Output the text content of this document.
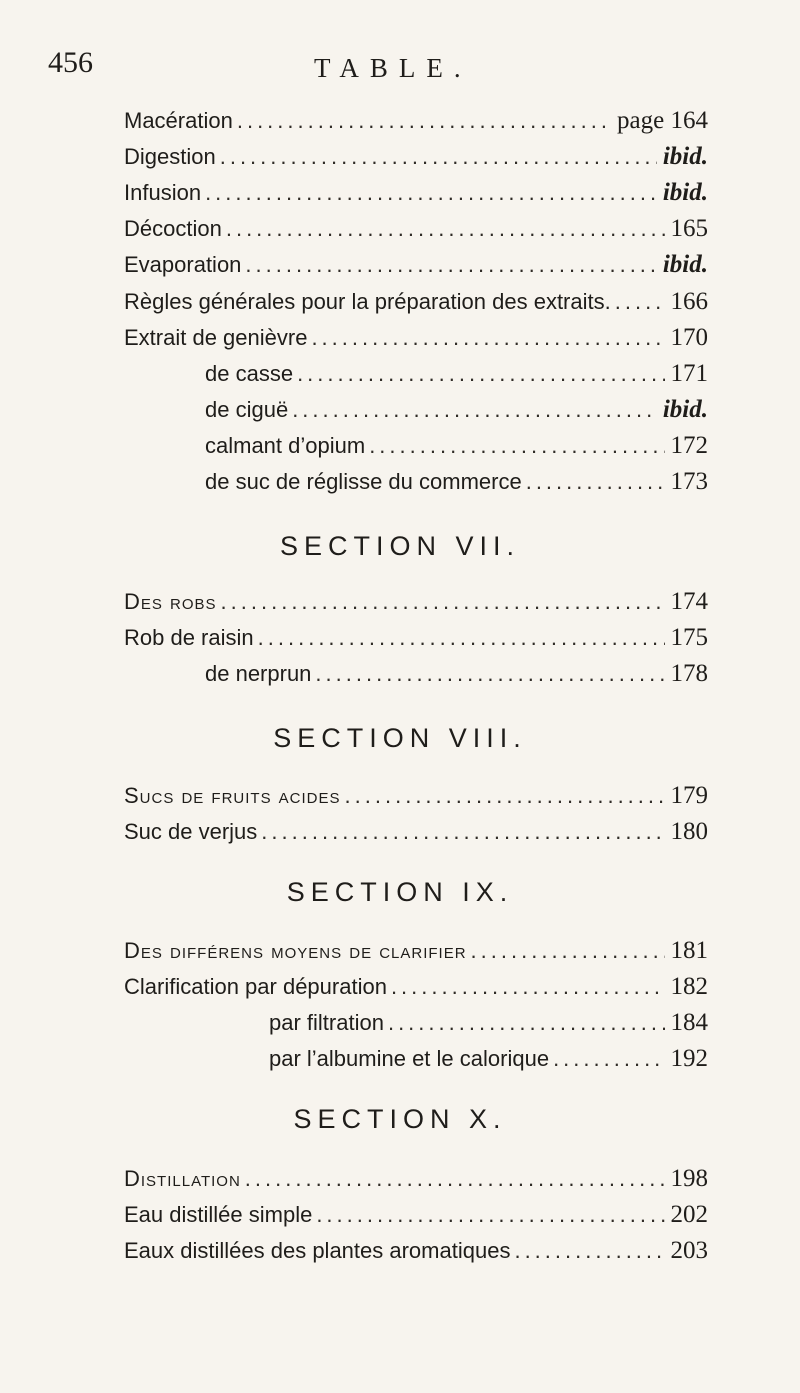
456	TABLE.
Macération .....	page 164
Digestion .....	ibid.
Infusion .....	ibid.
Décoction .....	165
Evaporation .....	ibid.
Règles générales pour la préparation des extraits. ..... 166
Extrait de genièvre .....	170
de casse .....	171
de ciguë .....	ibid.
calmant d’opium .....	172
de suc de réglisse du commerce .....	173
SECTION VII.
Des robs .....	174
Rob de raisin .....	175
de nerprun .....	178
SECTION VIII.
Sucs de fruits acides .....	179
Suc de verjus .....	180
SECTION IX.
Des différens moyens de clarifier .....	181
Clarification par dépuration .....	182
par filtration .....	184
par l’albumine et le calorique .....	192
SECTION X.
Distillation .....	198
Eau distillée simple .....	202
Eaux distillées des plantes aromatiques .....	203
